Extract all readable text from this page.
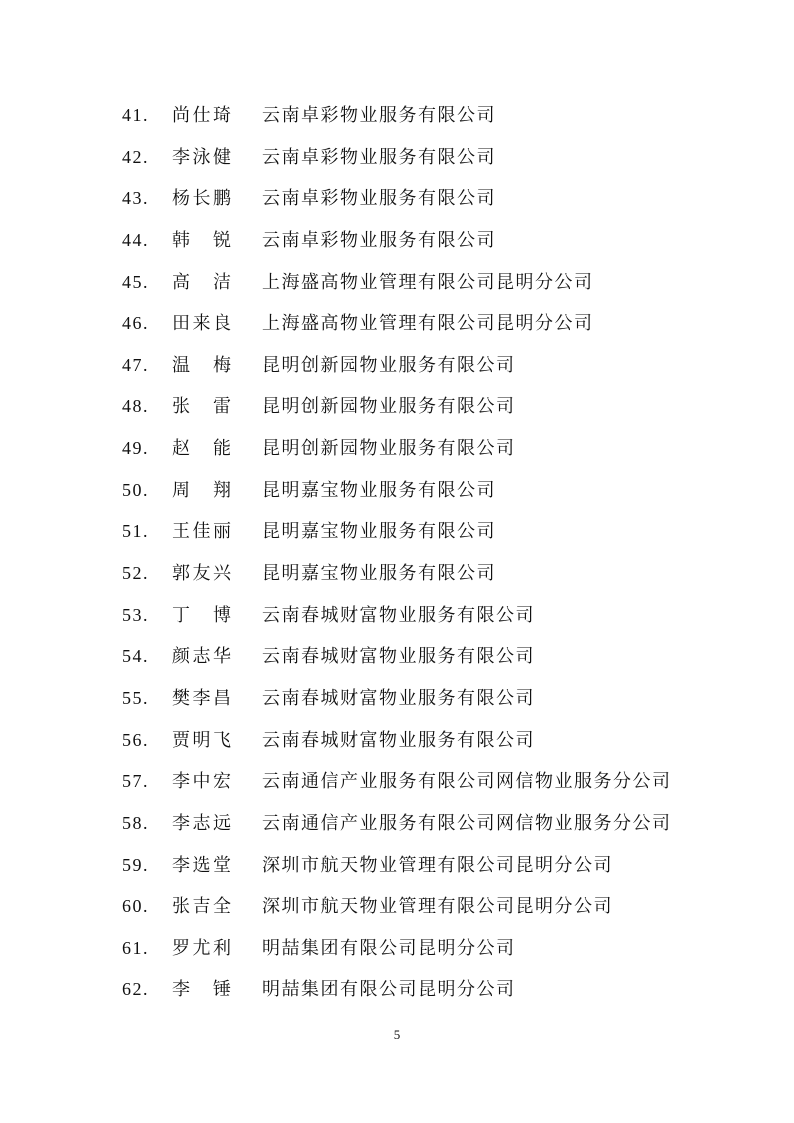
41.	尚仕琦 云南卓彩物业服务有限公司
42.	李泳健 云南卓彩物业服务有限公司
43.	杨长鹏 云南卓彩物业服务有限公司
44.	韩 锐 云南卓彩物业服务有限公司
45.	高 洁 上海盛高物业管理有限公司昆明分公司
46.	田来良 上海盛高物业管理有限公司昆明分公司
47.	温 梅 昆明创新园物业服务有限公司
48.	张 雷 昆明创新园物业服务有限公司
49.	赵 能 昆明创新园物业服务有限公司
50.	周 翔 昆明嘉宝物业服务有限公司
51.	王佳丽 昆明嘉宝物业服务有限公司
52.	郭友兴 昆明嘉宝物业服务有限公司
53.	丁 博 云南春城财富物业服务有限公司
54.	颜志华 云南春城财富物业服务有限公司
55.	樊李昌 云南春城财富物业服务有限公司
56.	贾明飞 云南春城财富物业服务有限公司
57.	李中宏 云南通信产业服务有限公司网信物业服务分公司
58.	李志远 云南通信产业服务有限公司网信物业服务分公司
59.	李选堂 深圳市航天物业管理有限公司昆明分公司
60.	张吉全 深圳市航天物业管理有限公司昆明分公司
61.	罗尤利 明喆集团有限公司昆明分公司
62.	李 锤 明喆集团有限公司昆明分公司
5
